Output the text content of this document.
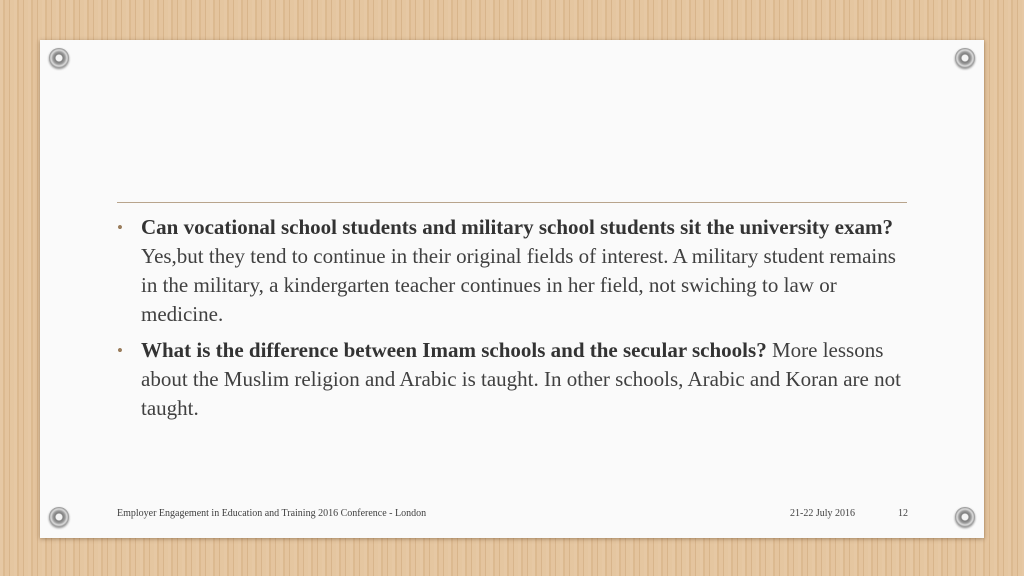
• Can vocational school students and military school students sit the university exam? Yes,but they tend to continue in their original fields of interest. A military student remains in the military, a kindergarten teacher continues in her field, not swiching to law or medicine.
• What is the difference between Imam schools and the secular schools? More lessons about the Muslim religion and Arabic is taught. In other schools, Arabic and Koran are not taught.
Employer Engagement in Education and Training 2016 Conference - London	21-22 July 2016	12
